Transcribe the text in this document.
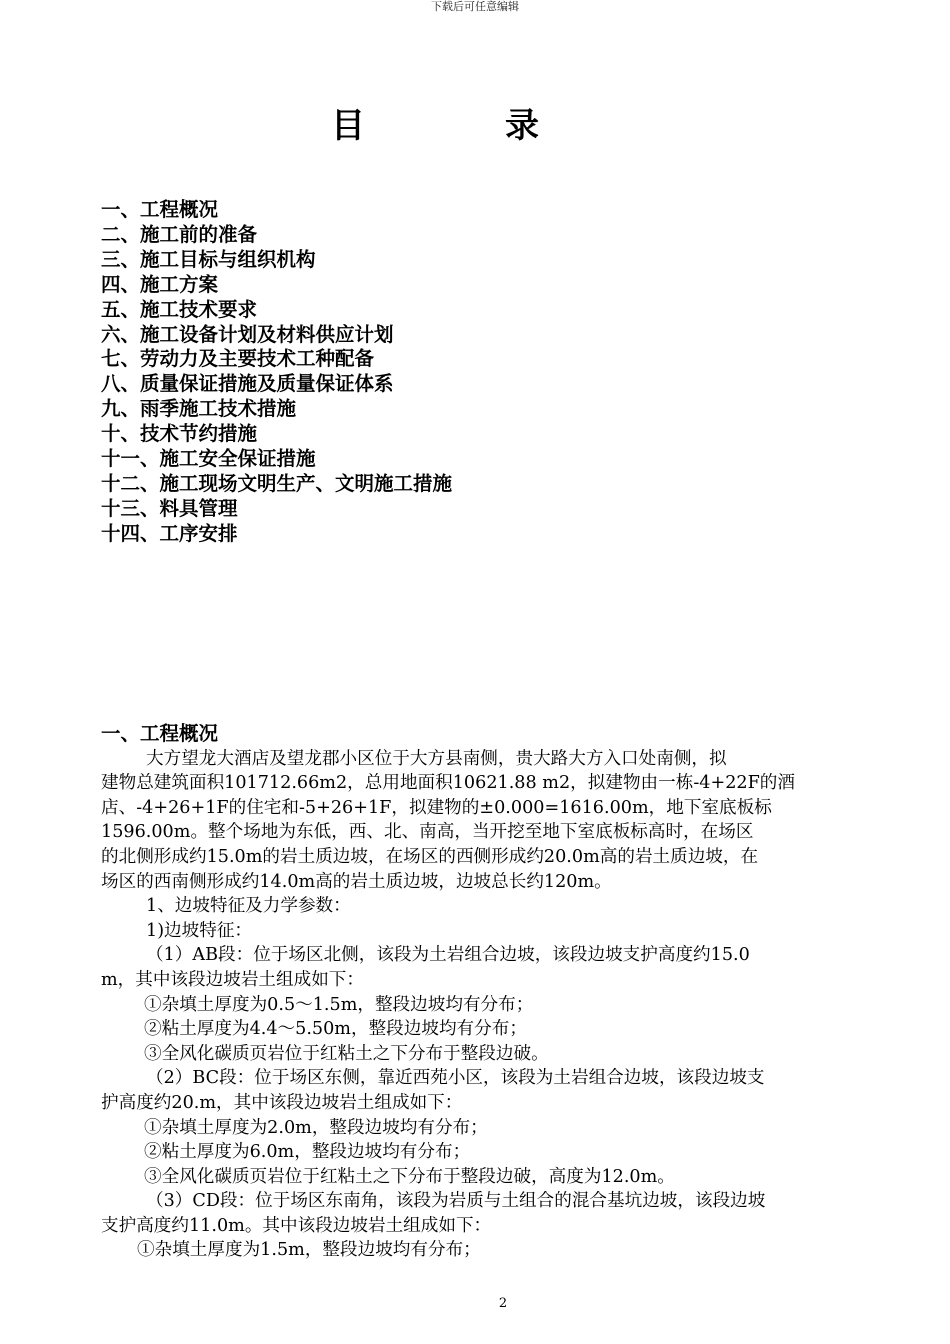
下载后可任意编辑
目录
一、工程概况
二、施工前的准备
三、施工目标与组织机构
四、施工方案
五、施工技术要求
六、施工设备计划及材料供应计划
七、劳动力及主要技术工种配备
八、质量保证措施及质量保证体系
九、雨季施工技术措施
十、技术节约措施
十一、施工安全保证措施
十二、施工现场文明生产、文明施工措施
十三、料具管理
十四、工序安排

一、工程概况

大方望龙大酒店及望龙郡小区位于大方县南侧，贵大路大方入口处南侧，拟

建物总建筑面积101712.66m2，总用地面积10621.88 m2，拟建物由一栋-4+22F的酒

店、-4+26+1F的住宅和-5+26+1F，拟建物的±0.000=1616.00m，地下室底板标

1596.00m。整个场地为东低，西、北、南高，当开挖至地下室底板标高时，在场区

的北侧形成约15.0m的岩土质边坡，在场区的西侧形成约20.0m高的岩土质边坡，在

场区的西南侧形成约14.0m高的岩土质边坡，边坡总长约120m。

1、边坡特征及力学参数：

1)边坡特征：

（1）AB段：位于场区北侧，该段为土岩组合边坡，该段边坡支护高度约15.0

m，其中该段边坡岩土组成如下：

①杂填土厚度为0.5～1.5m，整段边坡均有分布；

②粘土厚度为4.4～5.50m，整段边坡均有分布；

③全风化碳质页岩位于红粘土之下分布于整段边破。

（2）BC段：位于场区东侧，靠近西苑小区，该段为土岩组合边坡，该段边坡支

护高度约20.m，其中该段边坡岩土组成如下：

①杂填土厚度为2.0m，整段边坡均有分布；

②粘土厚度为6.0m，整段边坡均有分布；

③全风化碳质页岩位于红粘土之下分布于整段边破，高度为12.0m。

（3）CD段：位于场区东南角，该段为岩质与土组合的混合基坑边坡，该段边坡

支护高度约11.0m。其中该段边坡岩土组成如下：

①杂填土厚度为1.5m，整段边坡均有分布；

2
